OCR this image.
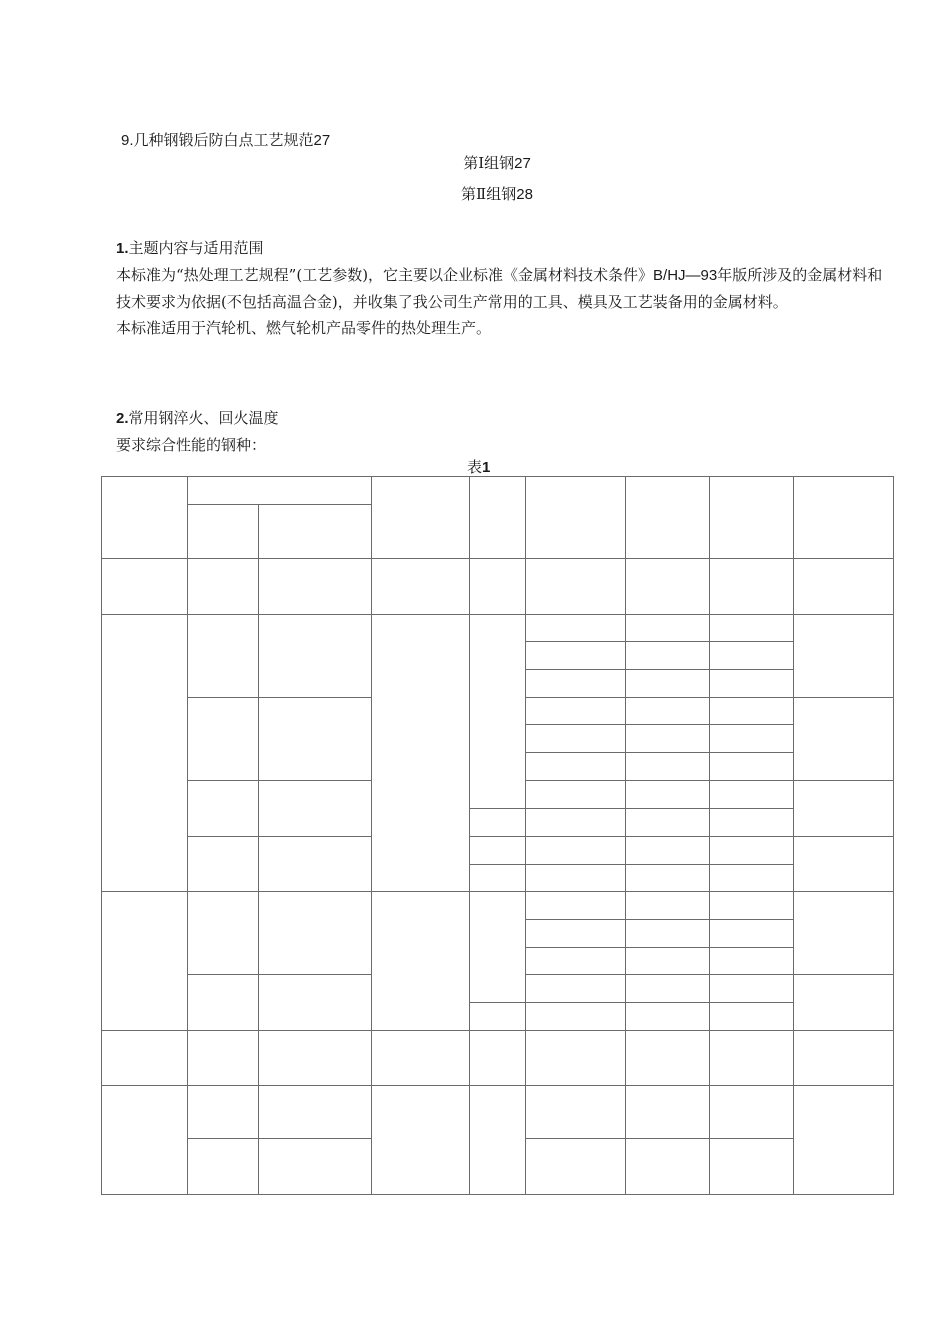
9.几种钢锻后防白点工艺规范27
第Ⅰ组钢27
第Ⅱ组钢28
1.主题内容与适用范围

本标准为“热处理工艺规程”(工艺参数)，它主要以企业标准《金属材料技术条件》B/HJ—93年版所涉及的金属材料和技术要求为依据(不包括高温合金)，并收集了我公司生产常用的工具、模具及工艺装备用的金属材料。

本标准适用于汽轮机、燃气轮机产品零件的热处理生产。

2.常用钢淬火、回火温度
要求综合性能的钢种：
表1
